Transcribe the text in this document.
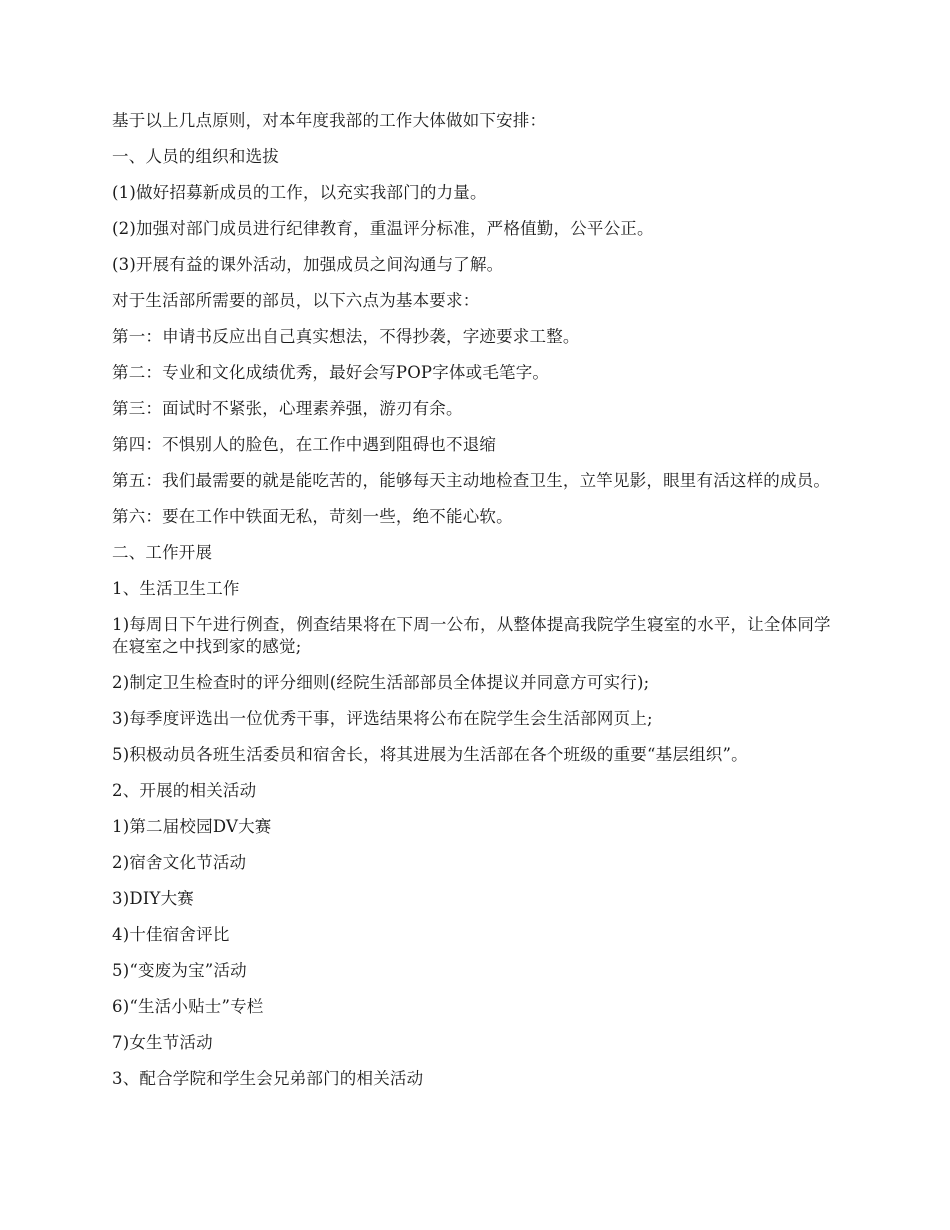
基于以上几点原则，对本年度我部的工作大体做如下安排：

一、人员的组织和选拔

(1)做好招募新成员的工作，以充实我部门的力量。

(2)加强对部门成员进行纪律教育，重温评分标准，严格值勤，公平公正。

(3)开展有益的课外活动，加强成员之间沟通与了解。

对于生活部所需要的部员，以下六点为基本要求：

第一：申请书反应出自己真实想法，不得抄袭，字迹要求工整。

第二：专业和文化成绩优秀，最好会写POP字体或毛笔字。

第三：面试时不紧张，心理素养强，游刃有余。

第四：不惧别人的脸色，在工作中遇到阻碍也不退缩

第五：我们最需要的就是能吃苦的，能够每天主动地检查卫生，立竿见影，眼里有活这样的成员。

第六：要在工作中铁面无私，苛刻一些，绝不能心软。

二、工作开展

1、生活卫生工作

1)每周日下午进行例查，例查结果将在下周一公布，从整体提高我院学生寝室的水平，让全体同学在寝室之中找到家的感觉;

2)制定卫生检查时的评分细则(经院生活部部员全体提议并同意方可实行);

3)每季度评选出一位优秀干事，评选结果将公布在院学生会生活部网页上;

5)积极动员各班生活委员和宿舍长，将其进展为生活部在各个班级的重要“基层组织”。

2、开展的相关活动

1)第二届校园DV大赛

2)宿舍文化节活动

3)DIY大赛

4)十佳宿舍评比

5)“变废为宝”活动

6)“生活小贴士”专栏

7)女生节活动

3、配合学院和学生会兄弟部门的相关活动
